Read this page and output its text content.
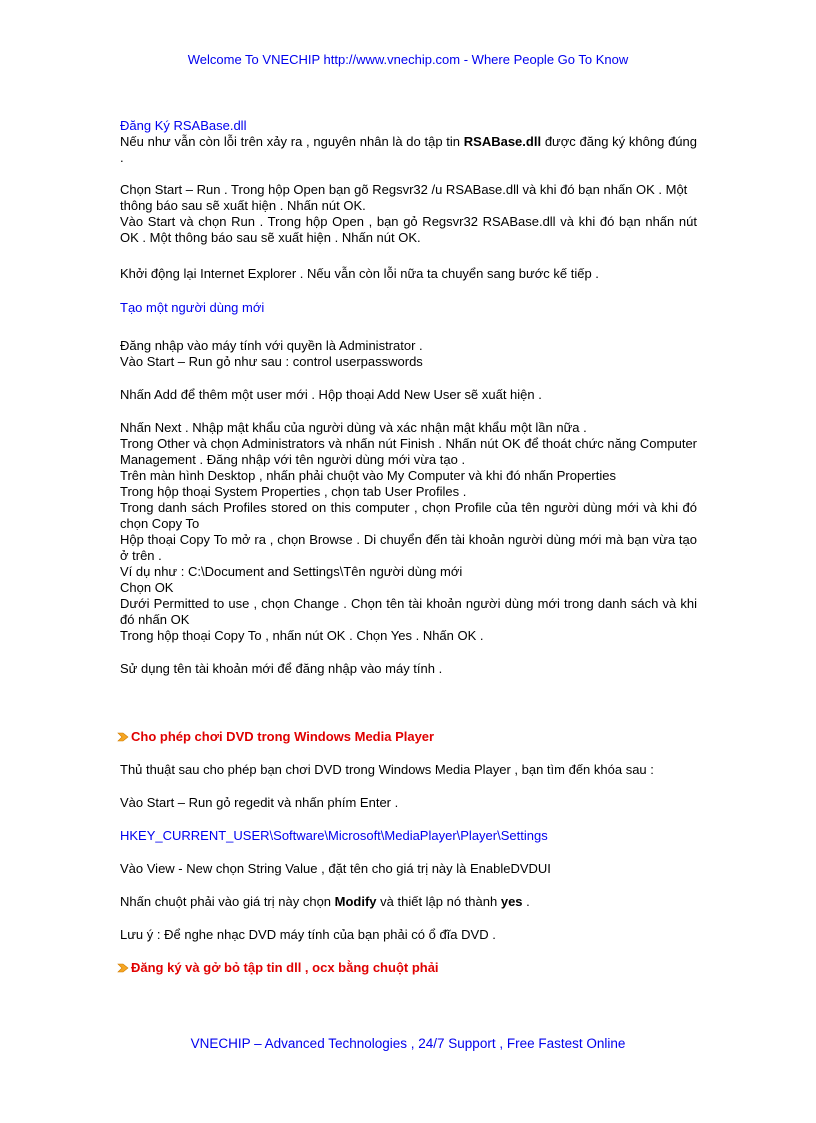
Welcome To VNECHIP http://www.vnechip.com - Where People Go To Know
Đăng Ký RSABase.dll
Nếu như vẫn còn lỗi trên xảy ra , nguyên nhân là do tập tin RSABase.dll được đăng ký không đúng .
Chọn Start – Run . Trong hộp Open bạn gõ Regsvr32 /u RSABase.dll và khi đó bạn nhấn OK . Một thông báo sau sẽ xuất hiện . Nhấn nút OK.
Vào Start và chọn Run . Trong hộp Open , bạn gỏ Regsvr32 RSABase.dll và khi đó bạn nhấn nút OK . Một thông báo sau sẽ xuất hiện . Nhấn nút OK.
Khởi động lại Internet Explorer . Nếu vẫn còn lỗi nữa ta chuyển sang bước kế tiếp .
Tạo một người dùng mới
Đăng nhập vào máy tính với quyền là Administrator .
Vào Start – Run gỏ như sau : control userpasswords
Nhấn Add để thêm một user mới . Hộp thoại Add New User sẽ xuất hiện .
Nhấn Next . Nhập mật khẩu của người dùng và xác nhận mật khẩu một lần nữa .
Trong Other và chọn Administrators và nhấn nút Finish . Nhấn nút OK để thoát chức năng Computer Management . Đăng nhập với tên người dùng mới vừa tạo .
Trên màn hình Desktop , nhấn phải chuột vào My Computer và khi đó nhấn Properties
Trong hộp thoại System Properties , chọn tab User Profiles .
Trong danh sách Profiles stored on this computer , chọn Profile của tên người dùng mới và khi đó chọn Copy To
Hộp thoại Copy To mở ra , chọn Browse . Di chuyển đến tài khoản người dùng mới mà bạn vừa tạo ở trên .
Ví dụ như : C:\Document and Settings\Tên người dùng mới
Chọn OK
Dưới Permitted to use , chọn Change . Chọn tên tài khoản người dùng mới trong danh sách và khi đó nhấn OK
Trong hộp thoại Copy To , nhấn nút OK . Chọn Yes . Nhấn OK .
Sử dụng tên tài khoản mới để đăng nhập vào máy tính .
Cho phép chơi DVD trong Windows Media Player
Thủ thuật sau cho phép bạn chơi DVD trong Windows Media Player , bạn tìm đến khóa sau :
Vào Start – Run gỏ regedit và nhấn phím Enter .
HKEY_CURRENT_USER\Software\Microsoft\MediaPlayer\Player\Settings
Vào View - New chọn String Value , đặt tên cho giá trị này là EnableDVDUI
Nhấn chuột phải vào giá trị này chọn Modify và thiết lập nó thành yes .
Lưu ý : Để nghe nhạc DVD máy tính của bạn phải có ổ đĩa DVD .
Đăng ký và gở bỏ tập tin dll , ocx bằng chuột phải
VNECHIP – Advanced Technologies , 24/7 Support , Free Fastest Online
